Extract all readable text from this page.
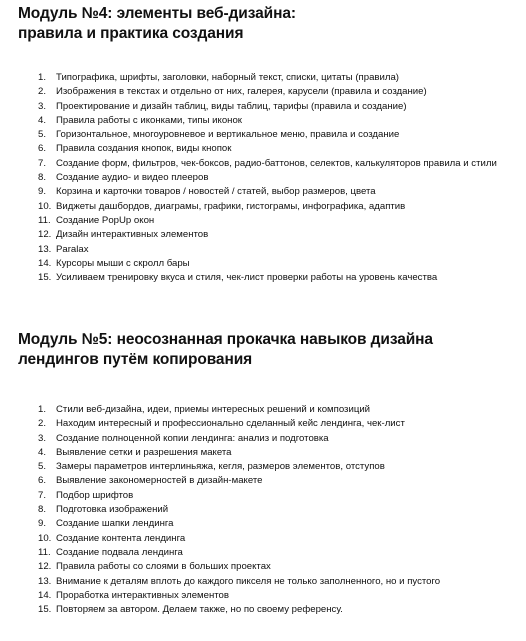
Модуль №4: элементы веб-дизайна:
правила и практика создания
1.	Типографика, шрифты, заголовки, наборный текст, списки, цитаты (правила)
2.	Изображения в текстах и отдельно от них, галерея, карусели (правила и создание)
3.	Проектирование и дизайн таблиц, виды таблиц, тарифы (правила и создание)
4.	Правила работы с иконками, типы иконок
5.	Горизонтальное, многоуровневое и вертикальное меню, правила и создание
6.	Правила создания кнопок, виды кнопок
7.	Создание форм, фильтров, чек-боксов, радио-баттонов, селектов, калькуляторов правила и стили
8.	Создание аудио- и видео плееров
9.	Корзина и карточки товаров / новостей / статей, выбор размеров, цвета
10. Виджеты дашбордов, диаграмы, графики, гистограмы, инфографика, адаптив
11. Создание PopUp окон
12. Дизайн интерактивных элементов
13. Paralax
14. Курсоры мыши с скролл бары
15. Усиливаем тренировку вкуса и стиля, чек-лист проверки работы на уровень качества
Модуль №5: неосознанная прокачка навыков дизайна
лендингов путём копирования
1.	Стили веб-дизайна, идеи, приемы интересных решений и композиций
2.	Находим интересный и профессионально сделанный кейс лендинга, чек-лист
3.	Создание полноценной копии лендинга: анализ и подготовка
4.	Выявление сетки и разрешения макета
5.	Замеры параметров интерлиньяжа, кегля, размеров элементов, отступов
6.	Выявление закономерностей в дизайн-макете
7.	Подбор шрифтов
8.	Подготовка изображений
9.	Создание шапки лендинга
10. Создание контента лендинга
11. Создание подвала лендинга
12. Правила работы со слоями в больших проектах
13. Внимание к деталям вплоть до каждого пикселя не только заполненного, но и пустого
14. Проработка интерактивных элементов
15. Повторяем за автором. Делаем также, но по своему референсу.
